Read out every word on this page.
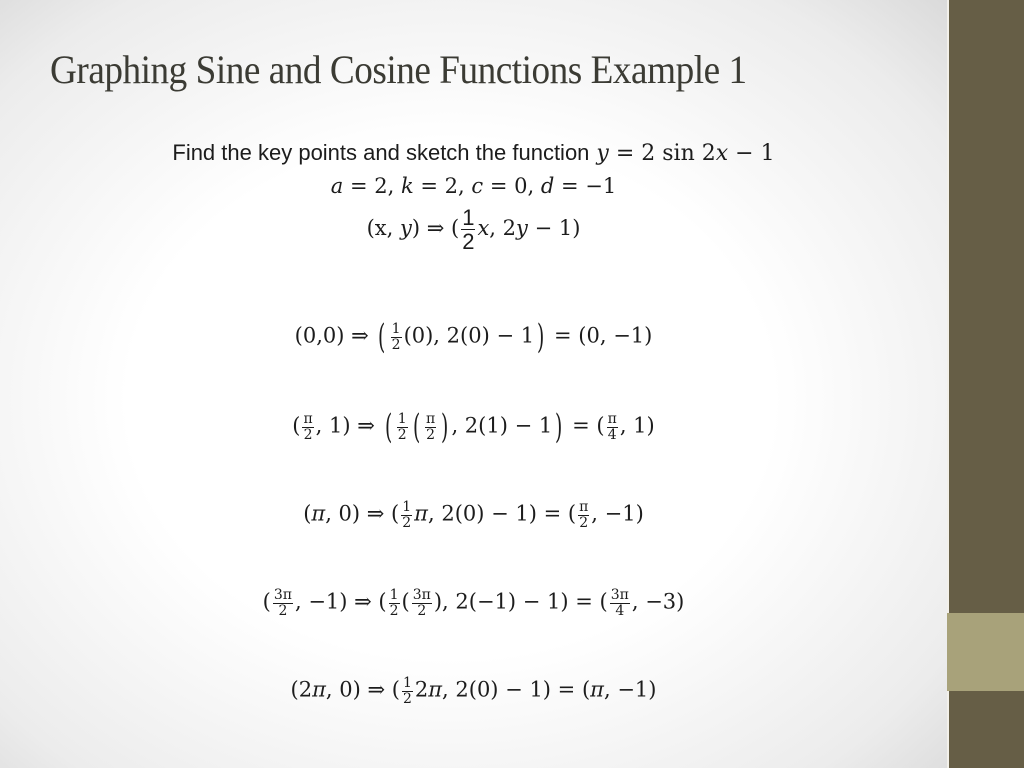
Graphing Sine and Cosine Functions Example 1
Find the key points and sketch the function y = 2 sin 2x − 1
a = 2, k = 2, c = 0, d = −1
(x, y) ⇒ ( $\frac{1}{2} x$, 2y − 1)
(0,0) ⇒ ( $\frac{1}{2} (0)$, 2(0) − 1) = (0, −1)
( $\frac{\pi}{2}$ , 1) ⇒ ( $\frac{1}{2}$ ( $\frac{\pi}{2}$ ) , 2(1) − 1) = ( $\frac{\pi}{4}$ , 1)
(π, 0) ⇒ ( $\frac{1}{2} \pi$, 2(0) − 1) = ( $\frac{\pi}{2}$ , −1)
( $\frac{3\pi}{2}$ , −1) ⇒ ( $\frac{1}{2}$ ( $\frac{3\pi}{2}$ ), 2(−1) − 1) = ( $\frac{3\pi}{4}$ , −3)
(2π, 0) ⇒ ( $\frac{1}{2} 2\pi$, 2(0) − 1) = (π, −1)
